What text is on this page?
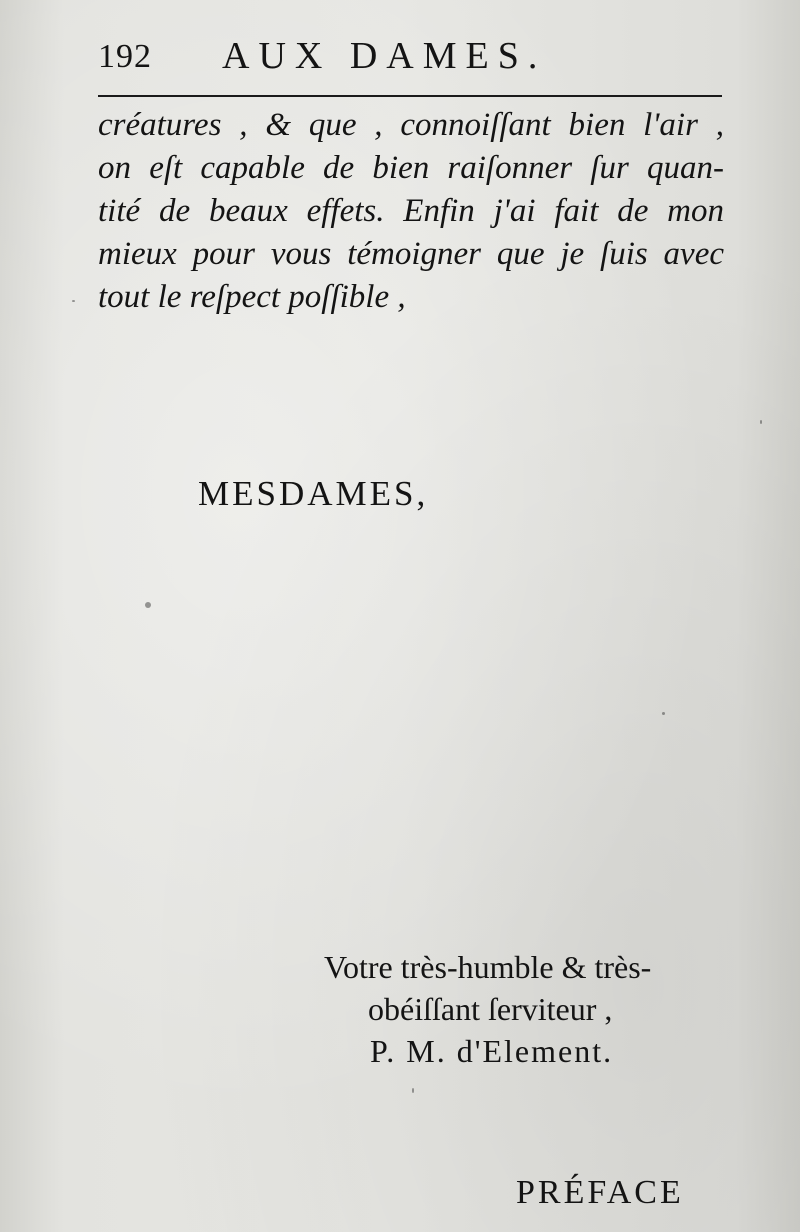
192 AUX DAMES.

créatures , & que , connoiſſant bien l'air ,
on eſt capable de bien raiſonner ſur quan-
tité de beaux effets. Enfin j'ai fait de mon
mieux pour vous témoigner que je ſuis avec
tout le reſpect poſſible ,

MESDAMES,
Votre très-humble & très-
obéiſſant ſerviteur ,
P. M. d'Element.
PRÉFACE
